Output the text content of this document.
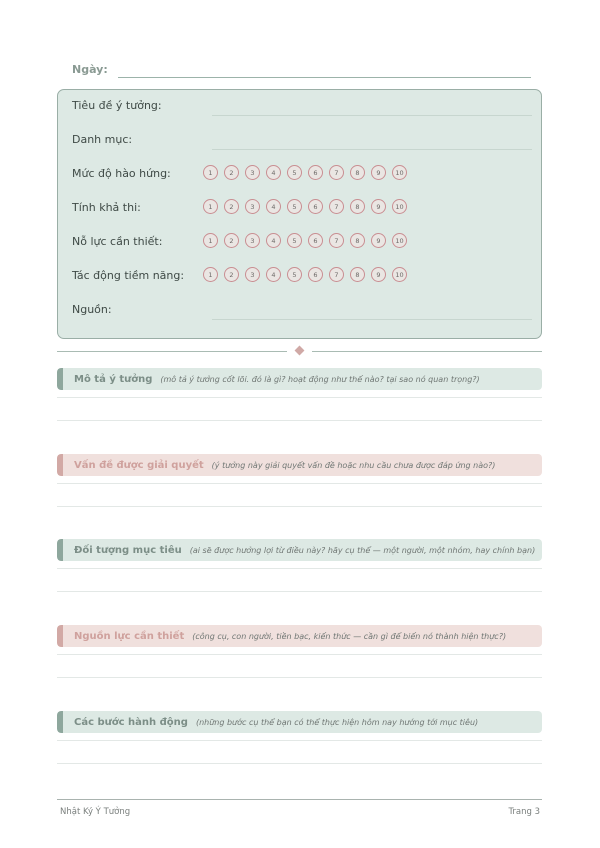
Ngày:
Tiêu đề ý tưởng:
Danh mục:
Mức độ hào hứng:	1	2	3	4	5	6	7	8	9	10
Tính khả thi:	1	2	3	4	5	6	7	8	9	10
Nỗ lực cần thiết:	1	2	3	4	5	6	7	8	9	10
Tác động tiềm năng:	1	2	3	4	5	6	7	8	9	10
Nguồn:
Mô tả ý tưởng (mô tả ý tưởng cốt lõi. đó là gì? hoạt động như thế nào? tại sao nó quan trọng?)
Vấn đề được giải quyết (ý tưởng này giải quyết vấn đề hoặc nhu cầu chưa được đáp ứng nào?)
Đối tượng mục tiêu (ai sẽ được hưởng lợi từ điều này? hãy cụ thể — một người, một nhóm, hay chính bạn)
Nguồn lực cần thiết (công cụ, con người, tiền bạc, kiến thức — cần gì để biến nó thành hiện thực?)
Các bước hành động (những bước cụ thể bạn có thể thực hiện hôm nay hướng tới mục tiêu)
Nhật Ký Ý Tưởng	Trang 3
